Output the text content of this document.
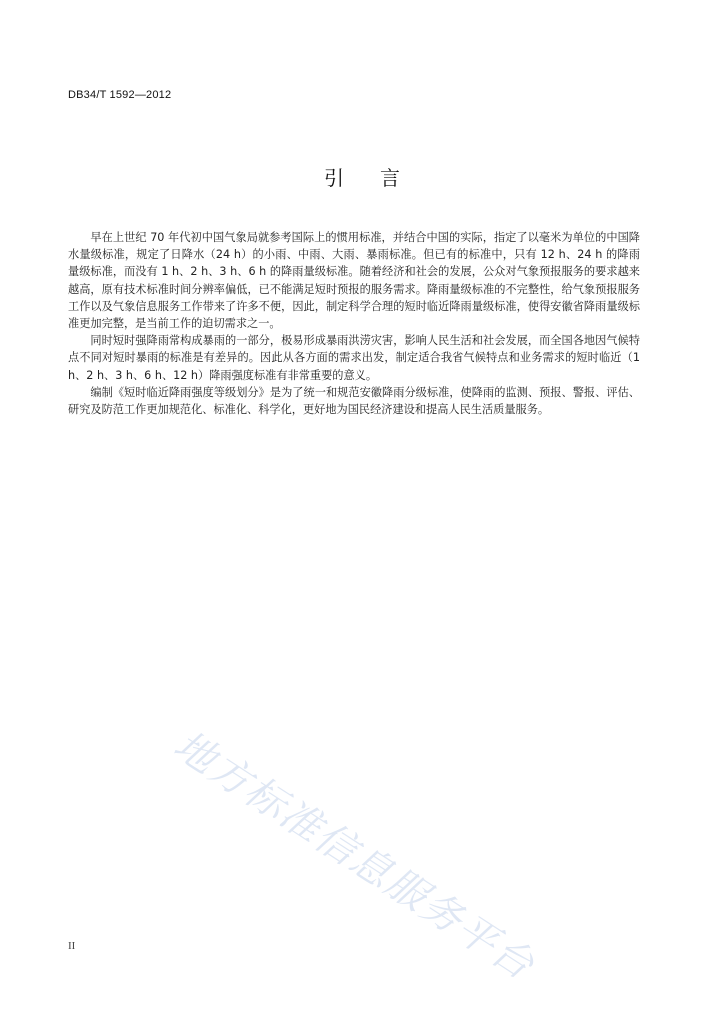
DB34/T 1592—2012
引言

早在上世纪 70 年代初中国气象局就参考国际上的惯用标准，并结合中国的实际，指定了以毫米为单位的中国降水量级标准，规定了日降水（24 h）的小雨、中雨、大雨、暴雨标准。但已有的标准中，只有 12 h、24 h 的降雨量级标准，而没有 1 h、2 h、3 h、6 h 的降雨量级标准。随着经济和社会的发展，公众对气象预报服务的要求越来越高，原有技术标准时间分辨率偏低，已不能满足短时预报的服务需求。降雨量级标准的不完整性，给气象预报服务工作以及气象信息服务工作带来了许多不便，因此，制定科学合理的短时临近降雨量级标准，使得安徽省降雨量级标准更加完整，是当前工作的迫切需求之一。

同时短时强降雨常构成暴雨的一部分，极易形成暴雨洪涝灾害，影响人民生活和社会发展，而全国各地因气候特点不同对短时暴雨的标准是有差异的。因此从各方面的需求出发，制定适合我省气候特点和业务需求的短时临近（1 h、2 h、3 h、6 h、12 h）降雨强度标准有非常重要的意义。

编制《短时临近降雨强度等级划分》是为了统一和规范安徽降雨分级标准，使降雨的监测、预报、警报、评估、研究及防范工作更加规范化、标准化、科学化，更好地为国民经济建设和提高人民生活质量服务。

地方标准信息服务平台
II
